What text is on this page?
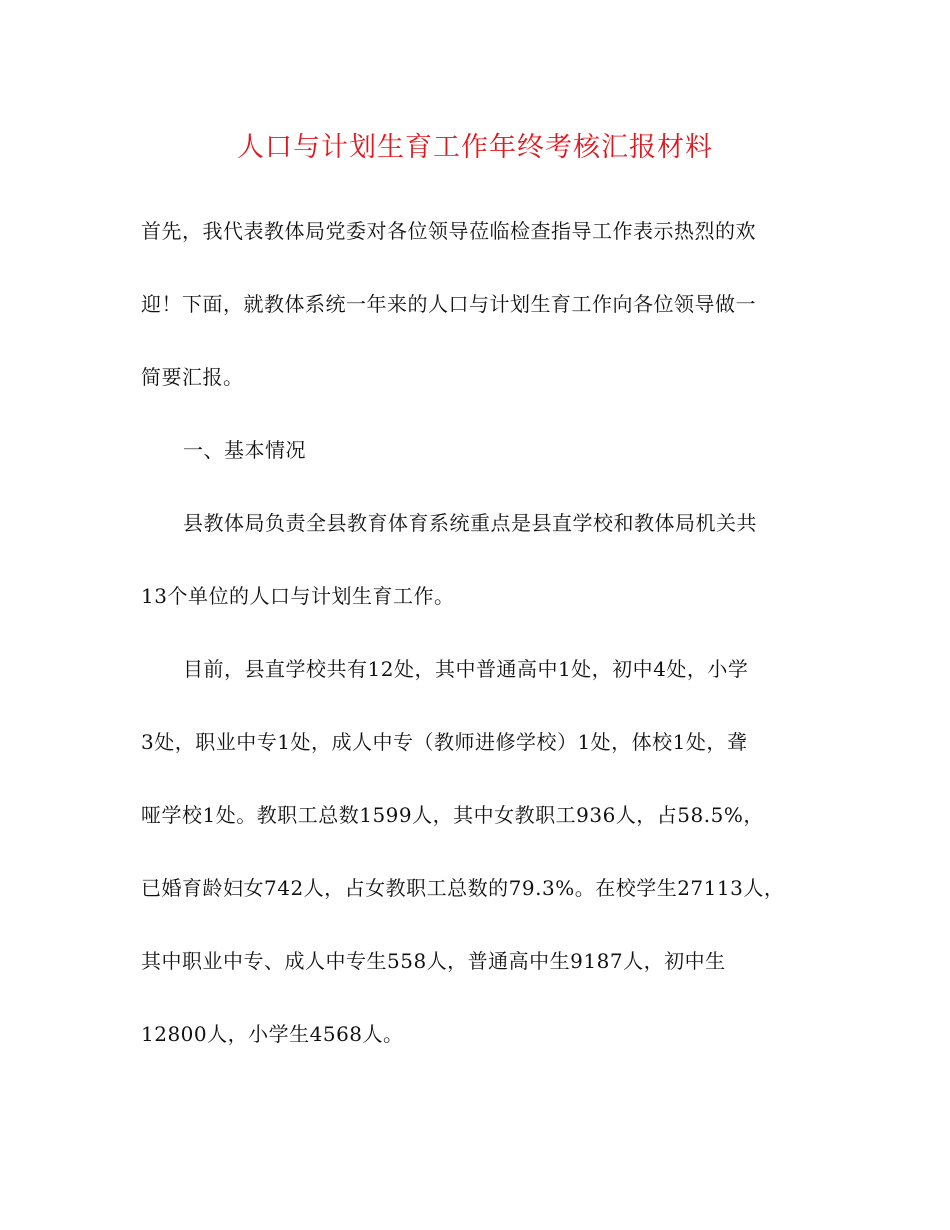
人口与计划生育工作年终考核汇报材料
首先，我代表教体局党委对各位领导莅临检查指导工作表示热烈的欢
迎！下面，就教体系统一年来的人口与计划生育工作向各位领导做一
简要汇报。
一、基本情况
县教体局负责全县教育体育系统重点是县直学校和教体局机关共
13个单位的人口与计划生育工作。
目前，县直学校共有12处，其中普通高中1处，初中4处，小学
3处，职业中专1处，成人中专（教师进修学校）1处，体校1处，聋
哑学校1处。教职工总数1599人，其中女教职工936人，占58.5%，
已婚育龄妇女742人，占女教职工总数的79.3%。在校学生27113人，
其中职业中专、成人中专生558人，普通高中生9187人，初中生
12800人，小学生4568人。
